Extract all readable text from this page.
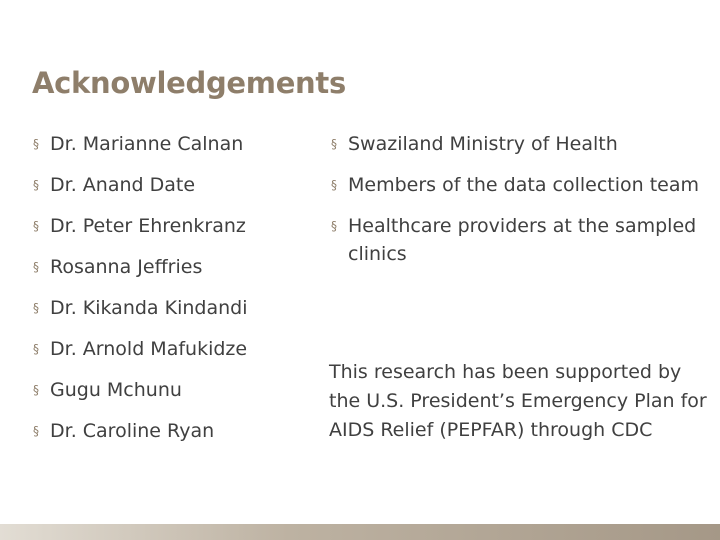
Acknowledgements
§ Dr. Marianne Calnan
§ Dr. Anand Date
§ Dr. Peter Ehrenkranz
§ Rosanna Jeffries
§ Dr. Kikanda Kindandi
§ Dr. Arnold Mafukidze
§ Gugu Mchunu
§ Dr. Caroline Ryan
§ Swaziland Ministry of Health
§ Members of the data collection team
§ Healthcare providers at the sampled clinics

This research has been supported by the U.S. President’s Emergency Plan for AIDS Relief (PEPFAR) through CDC
